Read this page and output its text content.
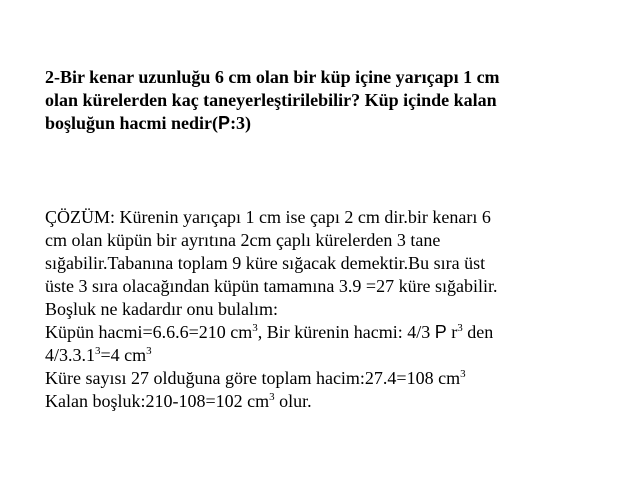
2-Bir kenar uzunluğu 6 cm olan bir küp içine yarıçapı 1 cm
olan kürelerden kaç taneyerleştirilebilir? Küp içinde kalan
boşluğun hacmi nedir(P:3)

ÇÖZÜM: Kürenin yarıçapı 1 cm ise çapı 2 cm dir.bir kenarı 6
cm olan küpün bir ayrıtına 2cm çaplı kürelerden 3 tane
sığabilir.Tabanına toplam 9 küre sığacak demektir.Bu sıra üst
üste 3 sıra olacağından küpün tamamına 3.9 =27 küre sığabilir.
Boşluk ne kadardır onu bulalım:
Küpün hacmi=6.6.6=210 $cm^3$, Bir kürenin hacmi: 4/3 P $r^3$ den
$4/3.3.1^3=4$ $cm^3$
Küre sayısı 27 olduğuna göre toplam hacim:27.4=108 $cm^3$
Kalan boşluk:210-108=102 $cm^3$ olur.
